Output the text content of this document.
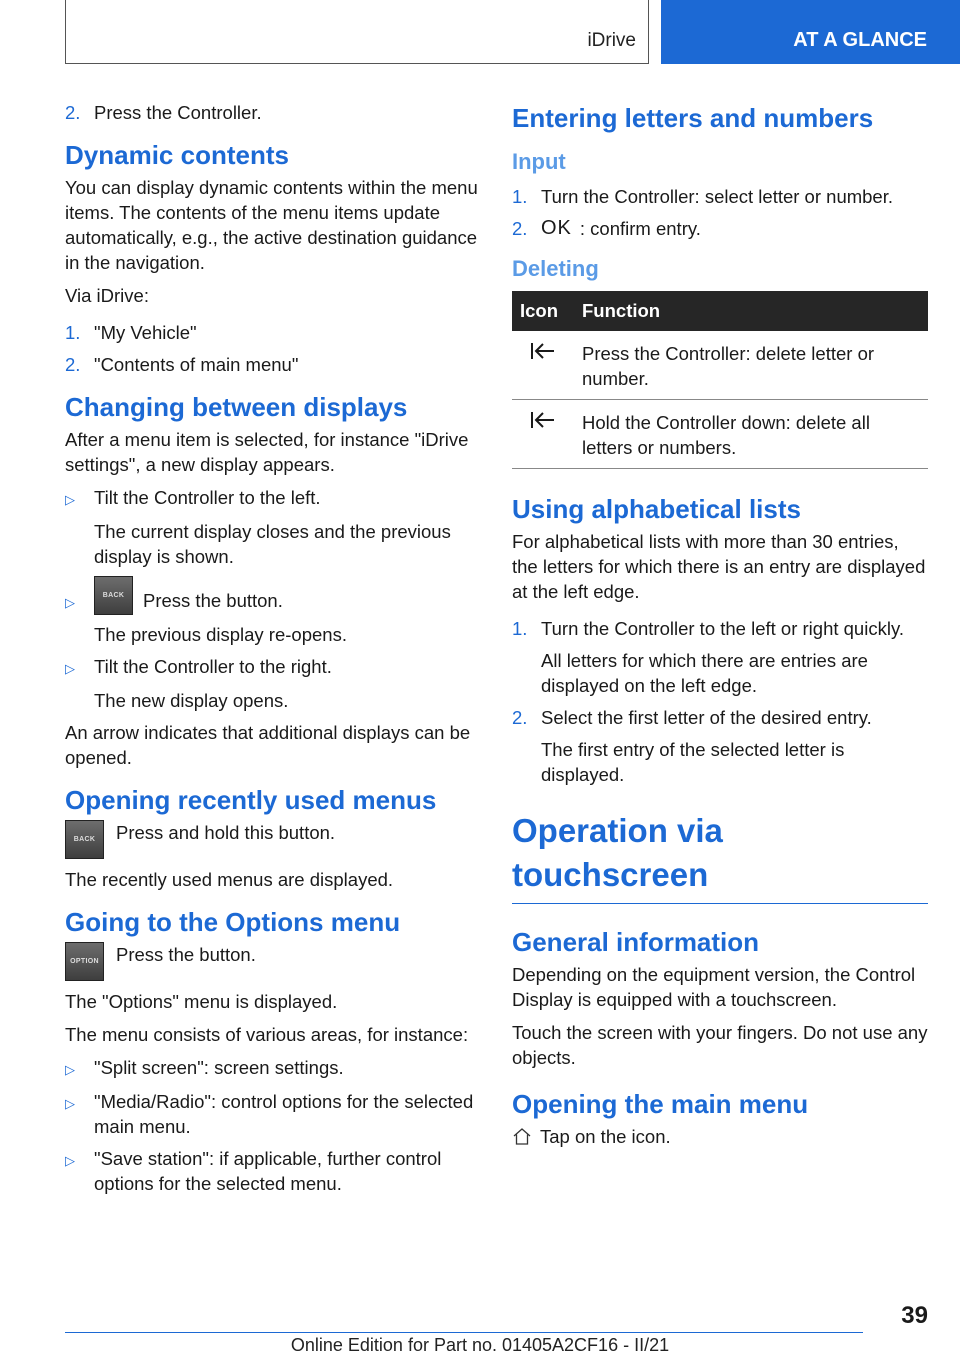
iDrive	AT A GLANCE
2. Press the Controller.
Dynamic contents

You can display dynamic contents within the menu items. The contents of the menu items update automatically, e.g., the active destination guidance in the navigation.

Via iDrive:

1. "My Vehicle"
2. "Contents of main menu"
Changing between displays

After a menu item is selected, for instance "iDrive settings", a new display appears.

▷	Tilt the Controller to the left.
The current display closes and the previous display is shown.
▷	BACK	Press the button.
The previous display re-opens.
▷	Tilt the Controller to the right.
The new display opens.

An arrow indicates that additional displays can be opened.

Opening recently used menus
BACK	Press and hold this button.

The recently used menus are displayed.

Going to the Options menu
OPTION Press the button.

The "Options" menu is displayed.

The menu consists of various areas, for instance:

▷	"Split screen": screen settings.
▷	"Media/Radio": control options for the selected main menu.
▷	"Save station": if applicable, further control options for the selected menu.
Entering letters and numbers
Input
1. Turn the Controller: select letter or number.
2. OK : confirm entry.
Deleting
Icon	Function
	Press the Controller: delete letter or number.
	Hold the Controller down: delete all letters or numbers.
Using alphabetical lists

For alphabetical lists with more than 30 entries, the letters for which there is an entry are displayed at the left edge.

1. Turn the Controller to the left or right quickly.
All letters for which there are entries are displayed on the left edge.
2. Select the first letter of the desired entry.
The first entry of the selected letter is displayed.
Operation via touchscreen
General information

Depending on the equipment version, the Control Display is equipped with a touchscreen.

Touch the screen with your fingers. Do not use any objects.

Opening the main menu
Tap on the icon.
39
Online Edition for Part no. 01405A2CF16 - II/21
